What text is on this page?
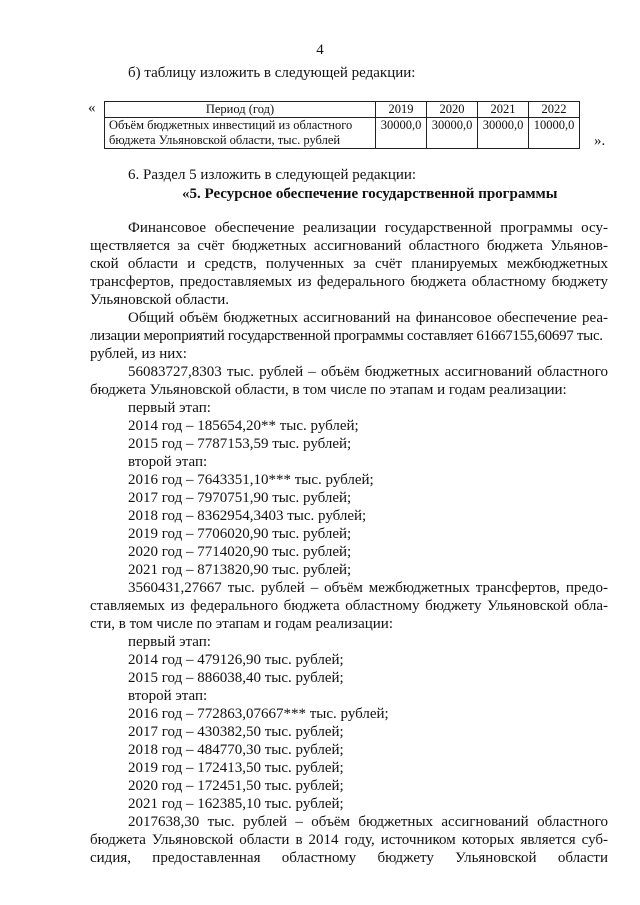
4
б) таблицу изложить в следующей редакции:
«	Период (год)	2019	2020	2021	2022

Объём бюджетных инвестиций из областного
бюджета Ульяновской области, тыс. рублей	30000,0	30000,0	30000,0	10000,0
».
6. Раздел 5 изложить в следующей редакции:
«5. Ресурсное обеспечение государственной программы
Финансовое обеспечение реализации государственной программы осу-
ществляется за счёт бюджетных ассигнований областного бюджета Ульянов-
ской области и средств, полученных за счёт планируемых межбюджетных
трансфертов, предоставляемых из федерального бюджета областному бюджету
Ульяновской области.
Общий объём бюджетных ассигнований на финансовое обеспечение реа-
лизации мероприятий государственной программы составляет 61667155,60697 тыс.
рублей, из них:
56083727,8303 тыс. рублей – объём бюджетных ассигнований областного
бюджета Ульяновской области, в том числе по этапам и годам реализации:
первый этап:
2014 год – 185654,20** тыс. рублей;
2015 год – 7787153,59 тыс. рублей;
второй этап:
2016 год – 7643351,10*** тыс. рублей;
2017 год – 7970751,90 тыс. рублей;
2018 год – 8362954,3403 тыс. рублей;
2019 год – 7706020,90 тыс. рублей;
2020 год – 7714020,90 тыс. рублей;
2021 год – 8713820,90 тыс. рублей;
3560431,27667 тыс. рублей – объём межбюджетных трансфертов, предо-
ставляемых из федерального бюджета областному бюджету Ульяновской обла-
сти, в том числе по этапам и годам реализации:
первый этап:
2014 год – 479126,90 тыс. рублей;
2015 год – 886038,40 тыс. рублей;
второй этап:
2016 год – 772863,07667*** тыс. рублей;
2017 год – 430382,50 тыс. рублей;
2018 год – 484770,30 тыс. рублей;
2019 год – 172413,50 тыс. рублей;
2020 год – 172451,50 тыс. рублей;
2021 год – 162385,10 тыс. рублей;
2017638,30 тыс. рублей – объём бюджетных ассигнований областного
бюджета Ульяновской области в 2014 году, источником которых является суб-
сидия, предоставленная областному бюджету Ульяновской области
